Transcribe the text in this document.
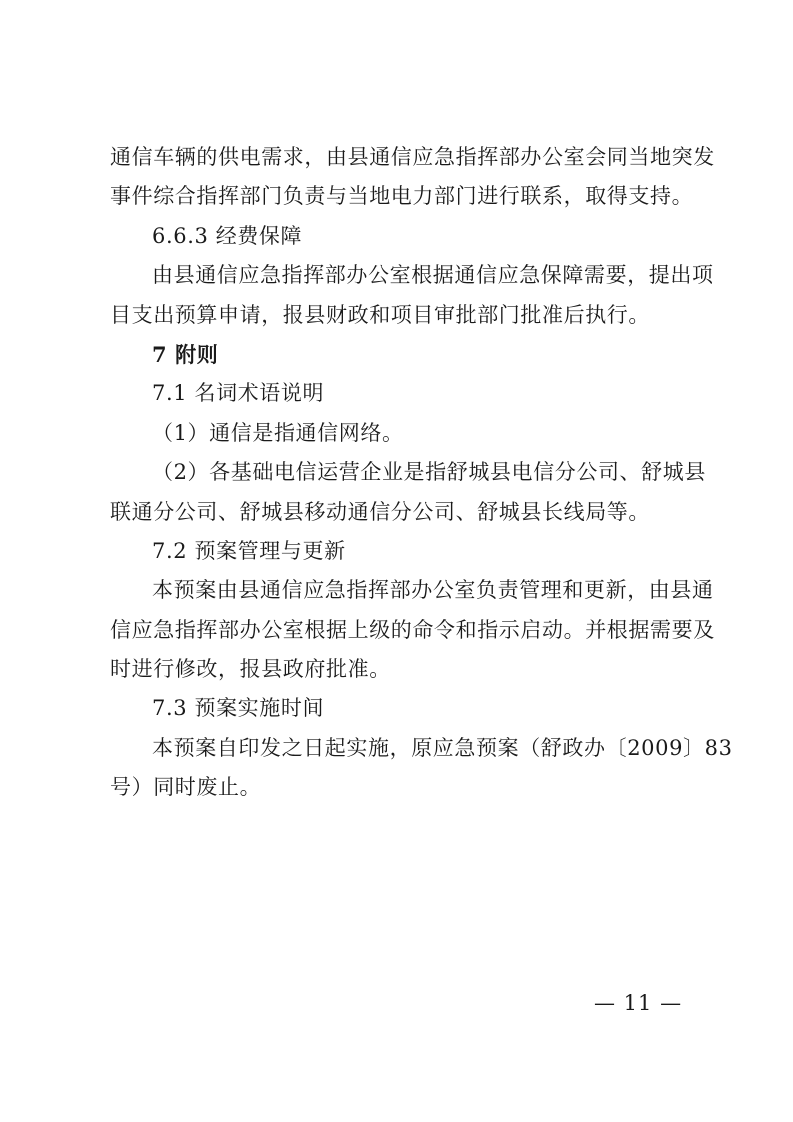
通信车辆的供电需求，由县通信应急指挥部办公室会同当地突发
事件综合指挥部门负责与当地电力部门进行联系，取得支持。
6.6.3 经费保障
由县通信应急指挥部办公室根据通信应急保障需要，提出项
目支出预算申请，报县财政和项目审批部门批准后执行。
7 附则
7.1 名词术语说明
（1）通信是指通信网络。
（2）各基础电信运营企业是指舒城县电信分公司、舒城县
联通分公司、舒城县移动通信分公司、舒城县长线局等。
7.2 预案管理与更新
本预案由县通信应急指挥部办公室负责管理和更新，由县通
信应急指挥部办公室根据上级的命令和指示启动。并根据需要及
时进行修改，报县政府批准。
7.3 预案实施时间
本预案自印发之日起实施，原应急预案（舒政办〔2009〕83
号）同时废止。
— 11 —
